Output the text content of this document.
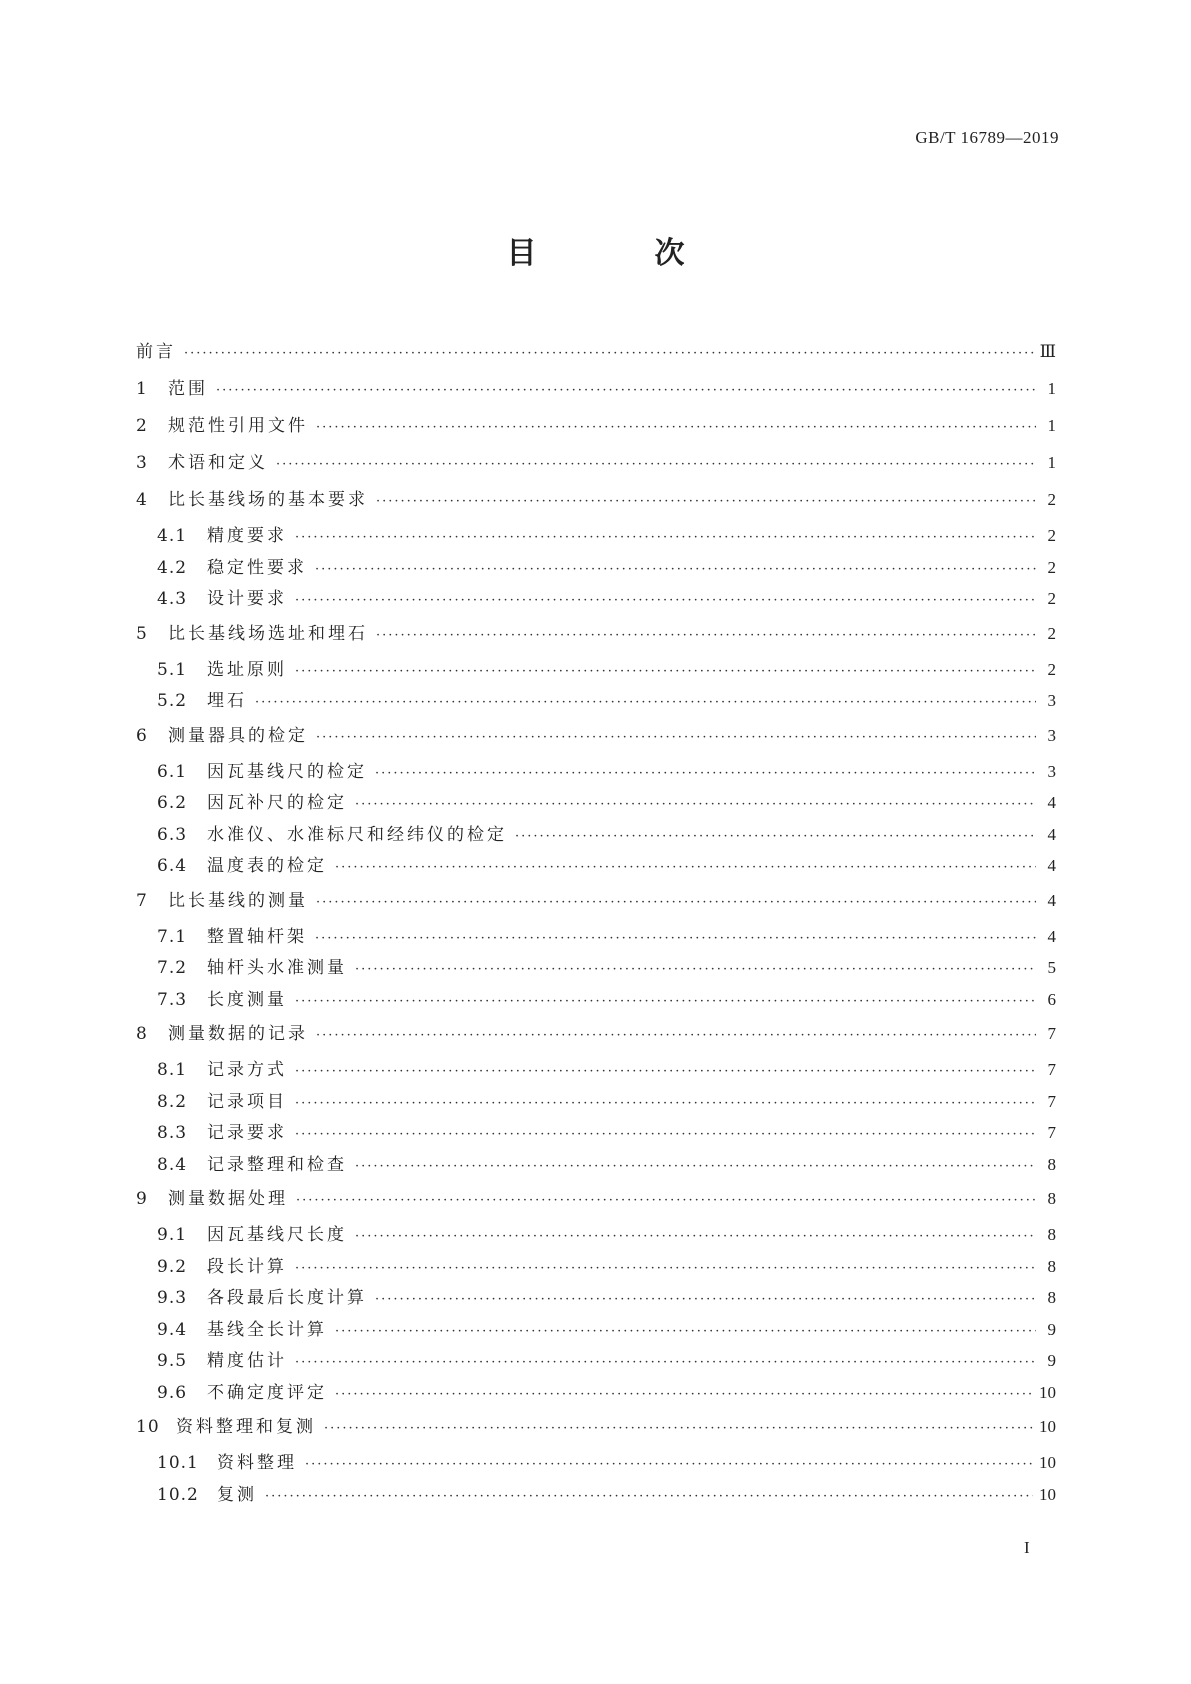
GB/T 16789—2019
目　次
前言 ·····	Ⅲ
1	范围 ·····	1
2	规范性引用文件 ·····	1
3	术语和定义 ·····	1
4	比长基线场的基本要求 ·····	2
4.1	精度要求 ·····	2
4.2	稳定性要求 ·····	2
4.3	设计要求 ·····	2
5	比长基线场选址和埋石 ·····	2
5.1	选址原则 ·····	2
5.2	埋石 ·····	3
6	测量器具的检定 ·····	3
6.1	因瓦基线尺的检定 ·····	3
6.2	因瓦补尺的检定 ·····	4
6.3	水准仪、水准标尺和经纬仪的检定 ·····	4
6.4	温度表的检定 ·····	4
7	比长基线的测量 ·····	4
7.1	整置轴杆架 ·····	4
7.2	轴杆头水准测量 ·····	5
7.3	长度测量 ·····	6
8	测量数据的记录 ·····	7
8.1	记录方式 ·····	7
8.2	记录项目 ·····	7
8.3	记录要求 ·····	7
8.4	记录整理和检查 ·····	8
9	测量数据处理 ·····	8
9.1	因瓦基线尺长度 ·····	8
9.2	段长计算 ·····	8
9.3	各段最后长度计算 ·····	8
9.4	基线全长计算 ·····	9
9.5	精度估计 ·····	9
9.6	不确定度评定 ·····	10
10 资料整理和复测 ·····	10
10.1	资料整理 ·····	10
10.2	复测 ·····	10
I
